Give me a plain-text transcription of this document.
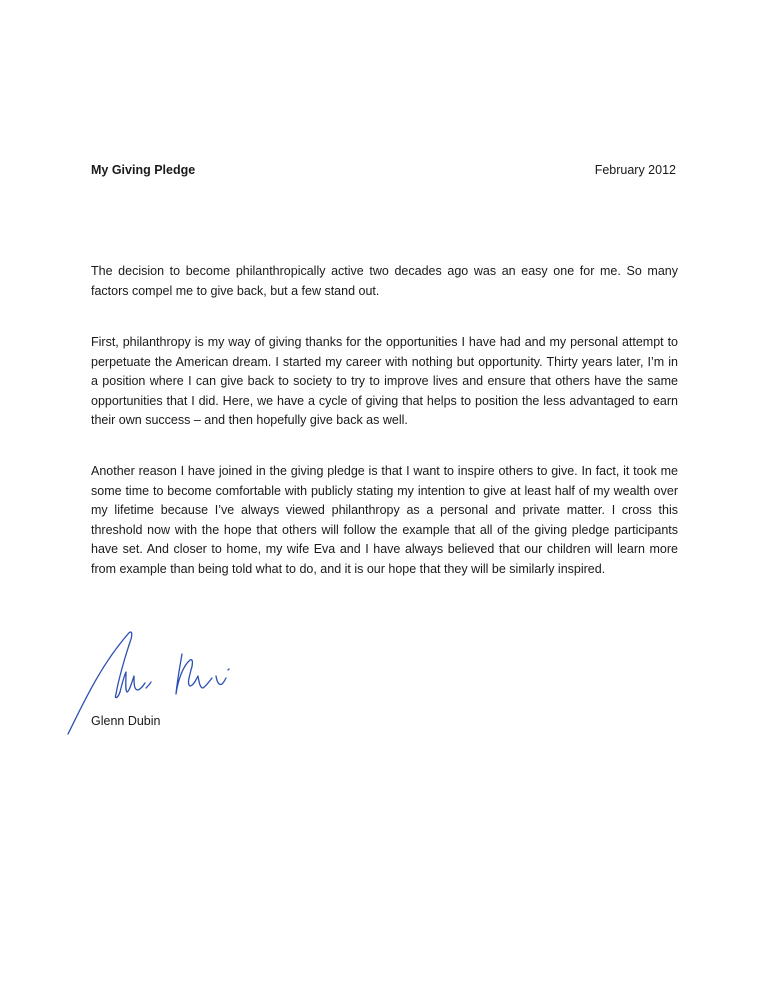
My Giving Pledge	February 2012

The decision to become philanthropically active two decades ago was an easy one for me. So many factors compel me to give back, but a few stand out.

First, philanthropy is my way of giving thanks for the opportunities I have had and my personal attempt to perpetuate the American dream. I started my career with nothing but opportunity. Thirty years later, I’m in a position where I can give back to society to try to improve lives and ensure that others have the same opportunities that I did. Here, we have a cycle of giving that helps to position the less advantaged to earn their own success – and then hopefully give back as well.

Another reason I have joined in the giving pledge is that I want to inspire others to give. In fact, it took me some time to become comfortable with publicly stating my intention to give at least half of my wealth over my lifetime because I’ve always viewed philanthropy as a personal and private matter. I cross this threshold now with the hope that others will follow the example that all of the giving pledge participants have set. And closer to home, my wife Eva and I have always believed that our children will learn more from example than being told what to do, and it is our hope that they will be similarly inspired.

Glenn Dubin
